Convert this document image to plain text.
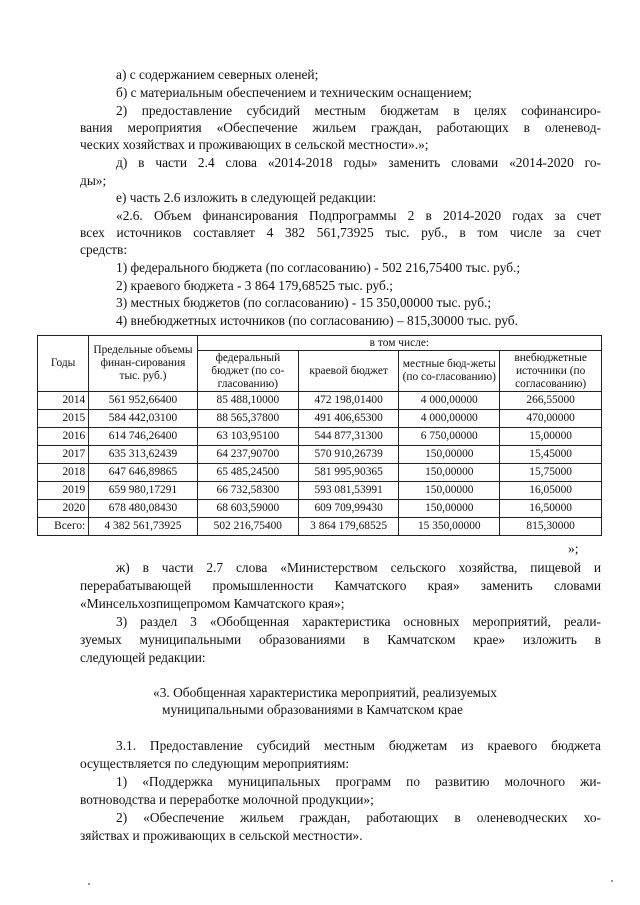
а) с содержанием северных оленей;
б) с материальным обеспечением и техническим оснащением;
2) предоставление субсидий местным бюджетам в целях софинансиро-
вания мероприятия «Обеспечение жильем граждан, работающих в оленевод-
ческих хозяйствах и проживающих в сельской местности».»;
д) в части 2.4 слова «2014-2018 годы» заменить словами «2014-2020 го-
ды»;
е) часть 2.6 изложить в следующей редакции:
«2.6. Объем финансирования Подпрограммы 2 в 2014-2020 годах за счет
всех источников составляет 4 382 561,73925 тыс. руб., в том числе за счет
средств:
1) федерального бюджета (по согласованию) - 502 216,75400 тыс. руб.;
2) краевого бюджета - 3 864 179,68525 тыс. руб.;
3) местных бюджетов (по согласованию) - 15 350,00000 тыс. руб.;
4) внебюджетных источников (по согласованию) – 815,30000 тыс. руб.
Годы	Предельные объемы финан-сирования тыс. руб.)	в том числе:			
		федеральный бюджет (по со-гласованию)	краевой бюджет	местные бюд-жеты (по со-гласованию)	внебюджетные источники (по согласованию)
2014	561 952,66400	85 488,10000	472 198,01400	4 000,00000	266,55000
2015	584 442,03100	88 565,37800	491 406,65300	4 000,00000	470,00000
2016	614 746,26400	63 103,95100	544 877,31300	6 750,00000	15,00000
2017	635 313,62439	64 237,90700	570 910,26739	150,00000	15,45000
2018	647 646,89865	65 485,24500	581 995,90365	150,00000	15,75000
2019	659 980,17291	66 732,58300	593 081,53991	150,00000	16,05000
2020	678 480,08430	68 603,59000	609 709,99430	150,00000	16,50000
Всего:	4 382 561,73925	502 216,75400	3 864 179,68525	15 350,00000	815,30000
»;
ж) в части 2.7 слова «Министерством сельского хозяйства, пищевой и
перерабатывающей промышленности Камчатского края» заменить словами
«Минсельхозпищепромом Камчатского края»;
3) раздел 3 «Обобщенная характеристика основных мероприятий, реали-
зуемых муниципальными образованиями в Камчатском крае» изложить в
следующей редакции:
«3. Обобщенная характеристика мероприятий, реализуемых
муниципальными образованиями в Камчатском крае
3.1. Предоставление субсидий местным бюджетам из краевого бюджета
осуществляется по следующим мероприятиям:
1) «Поддержка муниципальных программ по развитию молочного жи-
вотноводства и переработке молочной продукции»;
2) «Обеспечение жильем граждан, работающих в оленеводческих хо-
зяйствах и проживающих в сельской местности».
